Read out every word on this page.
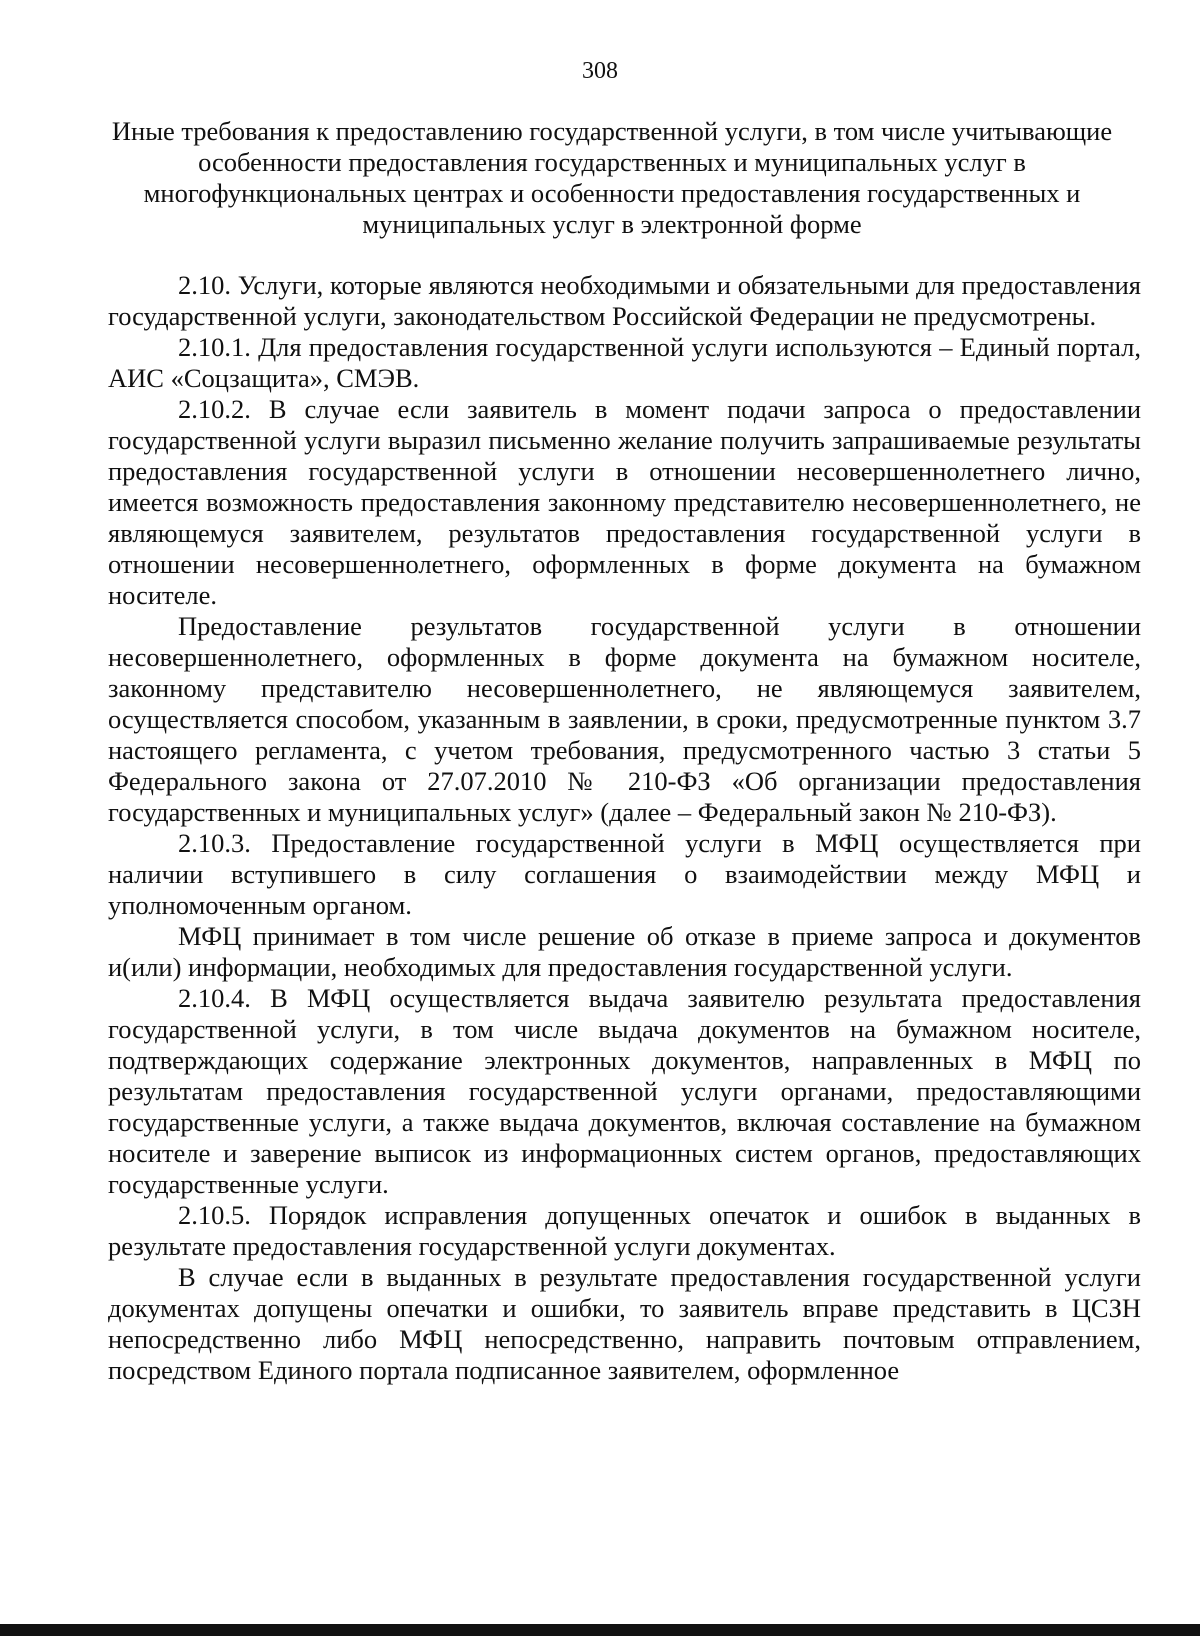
308
Иные требования к предоставлению государственной услуги, в том числе учитывающие особенности предоставления государственных и муниципальных услуг в многофункциональных центрах и особенности предоставления государственных и муниципальных услуг в электронной форме

2.10. Услуги, которые являются необходимыми и обязательными для предоставления государственной услуги, законодательством Российской Федерации не предусмотрены.

2.10.1. Для предоставления государственной услуги используются – Единый портал, АИС «Соцзащита», СМЭВ.

2.10.2. В случае если заявитель в момент подачи запроса о предоставлении государственной услуги выразил письменно желание получить запрашиваемые результаты предоставления государственной услуги в отношении несовершеннолетнего лично, имеется возможность предоставления законному представителю несовершеннолетнего, не являющемуся заявителем, результатов предоставления государственной услуги в отношении несовершеннолетнего, оформленных в форме документа на бумажном носителе.

Предоставление результатов государственной услуги в отношении несовершеннолетнего, оформленных в форме документа на бумажном носителе, законному представителю несовершеннолетнего, не являющемуся заявителем, осуществляется способом, указанным в заявлении, в сроки, предусмотренные пунктом 3.7 настоящего регламента, с учетом требования, предусмотренного частью 3 статьи 5 Федерального закона от 27.07.2010 № 210-ФЗ «Об организации предоставления государственных и муниципальных услуг» (далее – Федеральный закон № 210-ФЗ).

2.10.3. Предоставление государственной услуги в МФЦ осуществляется при наличии вступившего в силу соглашения о взаимодействии между МФЦ и уполномоченным органом.

МФЦ принимает в том числе решение об отказе в приеме запроса и документов и(или) информации, необходимых для предоставления государственной услуги.

2.10.4. В МФЦ осуществляется выдача заявителю результата предоставления государственной услуги, в том числе выдача документов на бумажном носителе, подтверждающих содержание электронных документов, направленных в МФЦ по результатам предоставления государственной услуги органами, предоставляющими государственные услуги, а также выдача документов, включая составление на бумажном носителе и заверение выписок из информационных систем органов, предоставляющих государственные услуги.

2.10.5. Порядок исправления допущенных опечаток и ошибок в выданных в результате предоставления государственной услуги документах.

В случае если в выданных в результате предоставления государственной услуги документах допущены опечатки и ошибки, то заявитель вправе представить в ЦСЗН непосредственно либо МФЦ непосредственно, направить почтовым отправлением, посредством Единого портала подписанное заявителем, оформленное
